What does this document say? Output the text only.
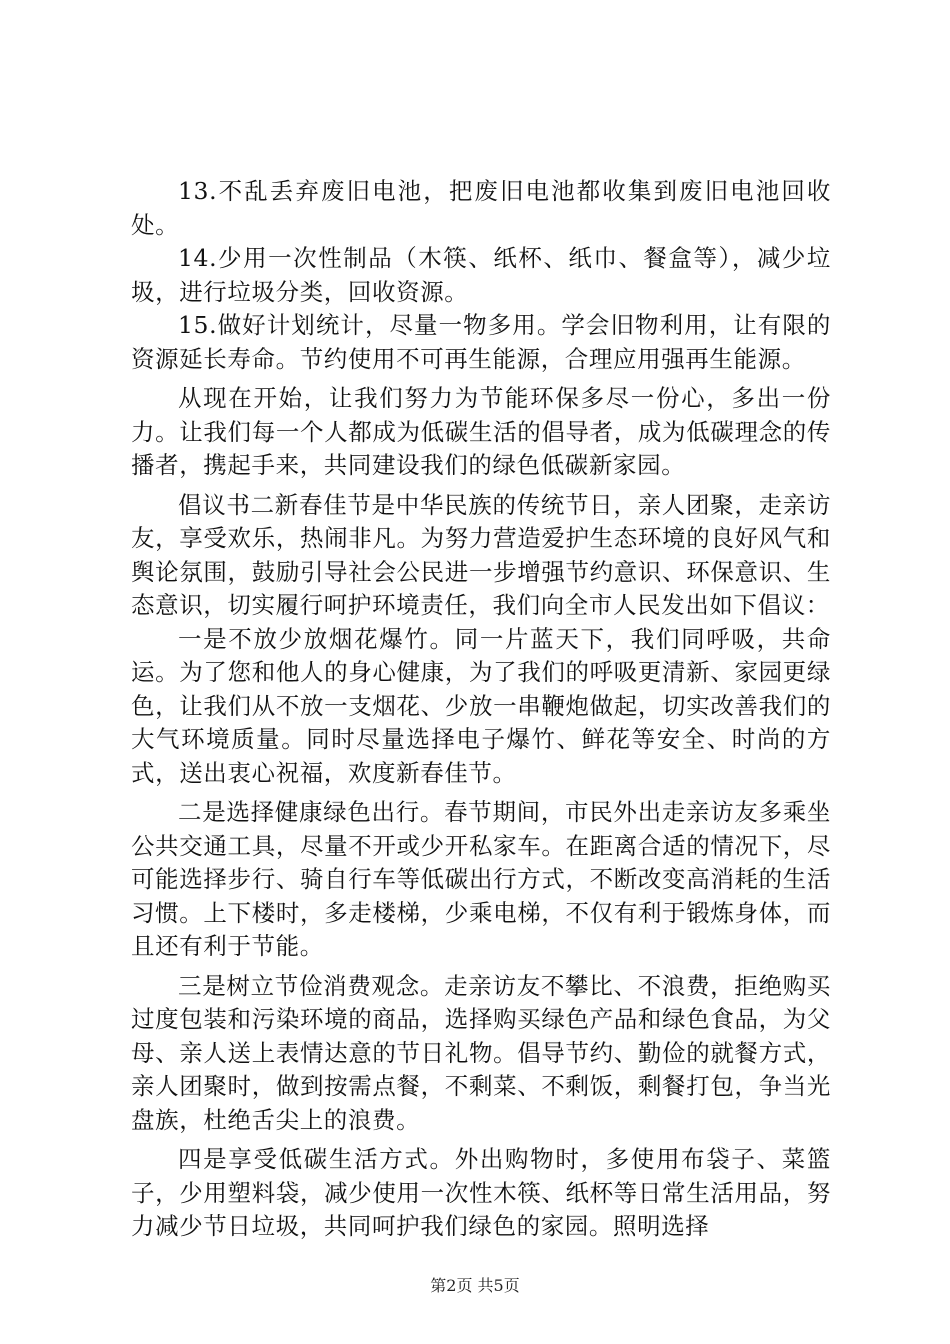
13.不乱丢弃废旧电池，把废旧电池都收集到废旧电池回收处。

14.少用一次性制品（木筷、纸杯、纸巾、餐盒等），减少垃圾，进行垃圾分类，回收资源。

15.做好计划统计，尽量一物多用。学会旧物利用，让有限的资源延长寿命。节约使用不可再生能源，合理应用强再生能源。

从现在开始，让我们努力为节能环保多尽一份心，多出一份力。让我们每一个人都成为低碳生活的倡导者，成为低碳理念的传播者，携起手来，共同建设我们的绿色低碳新家园。

倡议书二新春佳节是中华民族的传统节日，亲人团聚，走亲访友，享受欢乐，热闹非凡。为努力营造爱护生态环境的良好风气和舆论氛围，鼓励引导社会公民进一步增强节约意识、环保意识、生态意识，切实履行呵护环境责任，我们向全市人民发出如下倡议：

一是不放少放烟花爆竹。同一片蓝天下，我们同呼吸，共命运。为了您和他人的身心健康，为了我们的呼吸更清新、家园更绿色，让我们从不放一支烟花、少放一串鞭炮做起，切实改善我们的大气环境质量。同时尽量选择电子爆竹、鲜花等安全、时尚的方式，送出衷心祝福，欢度新春佳节。

二是选择健康绿色出行。春节期间，市民外出走亲访友多乘坐公共交通工具，尽量不开或少开私家车。在距离合适的情况下，尽可能选择步行、骑自行车等低碳出行方式，不断改变高消耗的生活习惯。上下楼时，多走楼梯，少乘电梯，不仅有利于锻炼身体，而且还有利于节能。

三是树立节俭消费观念。走亲访友不攀比、不浪费，拒绝购买过度包装和污染环境的商品，选择购买绿色产品和绿色食品，为父母、亲人送上表情达意的节日礼物。倡导节约、勤俭的就餐方式，亲人团聚时，做到按需点餐，不剩菜、不剩饭，剩餐打包，争当光盘族，杜绝舌尖上的浪费。

四是享受低碳生活方式。外出购物时，多使用布袋子、菜篮子，少用塑料袋，减少使用一次性木筷、纸杯等日常生活用品，努力减少节日垃圾，共同呵护我们绿色的家园。照明选择

第2页 共5页
